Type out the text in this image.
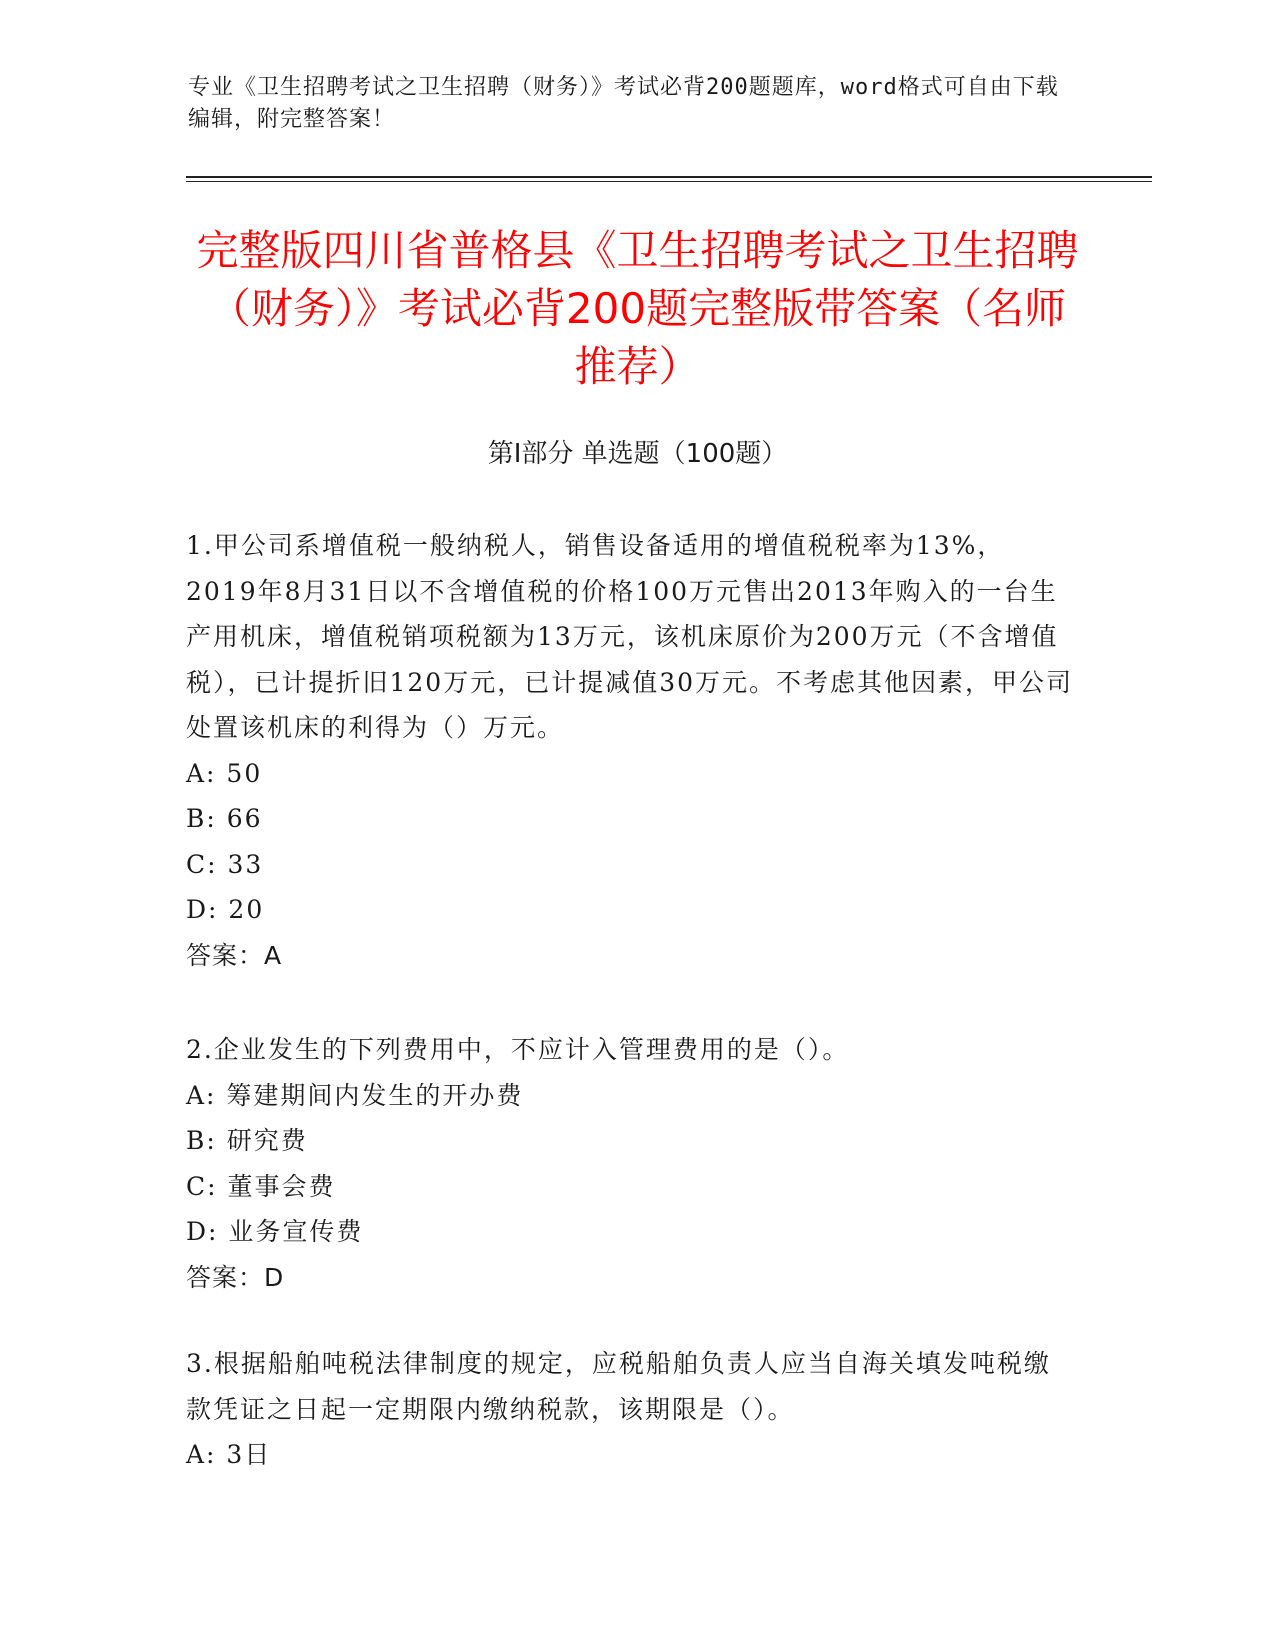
专业《卫生招聘考试之卫生招聘（财务）》考试必背200题题库，word格式可自由下载编辑，附完整答案！
完整版四川省普格县《卫生招聘考试之卫生招聘（财务）》考试必背200题完整版带答案（名师推荐）
第I部分 单选题（100题）
1.甲公司系增值税一般纳税人，销售设备适用的增值税税率为13%，2019年8月31日以不含增值税的价格100万元售出2013年购入的一台生产用机床，增值税销项税额为13万元，该机床原价为200万元（不含增值税），已计提折旧120万元，已计提减值30万元。不考虑其他因素，甲公司处置该机床的利得为（）万元。
A: 50
B: 66
C: 33
D: 20
答案：A
2.企业发生的下列费用中，不应计入管理费用的是（）。
A: 筹建期间内发生的开办费
B: 研究费
C: 董事会费
D: 业务宣传费
答案：D
3.根据船舶吨税法律制度的规定，应税船舶负责人应当自海关填发吨税缴款凭证之日起一定期限内缴纳税款，该期限是（）。
A: 3日
